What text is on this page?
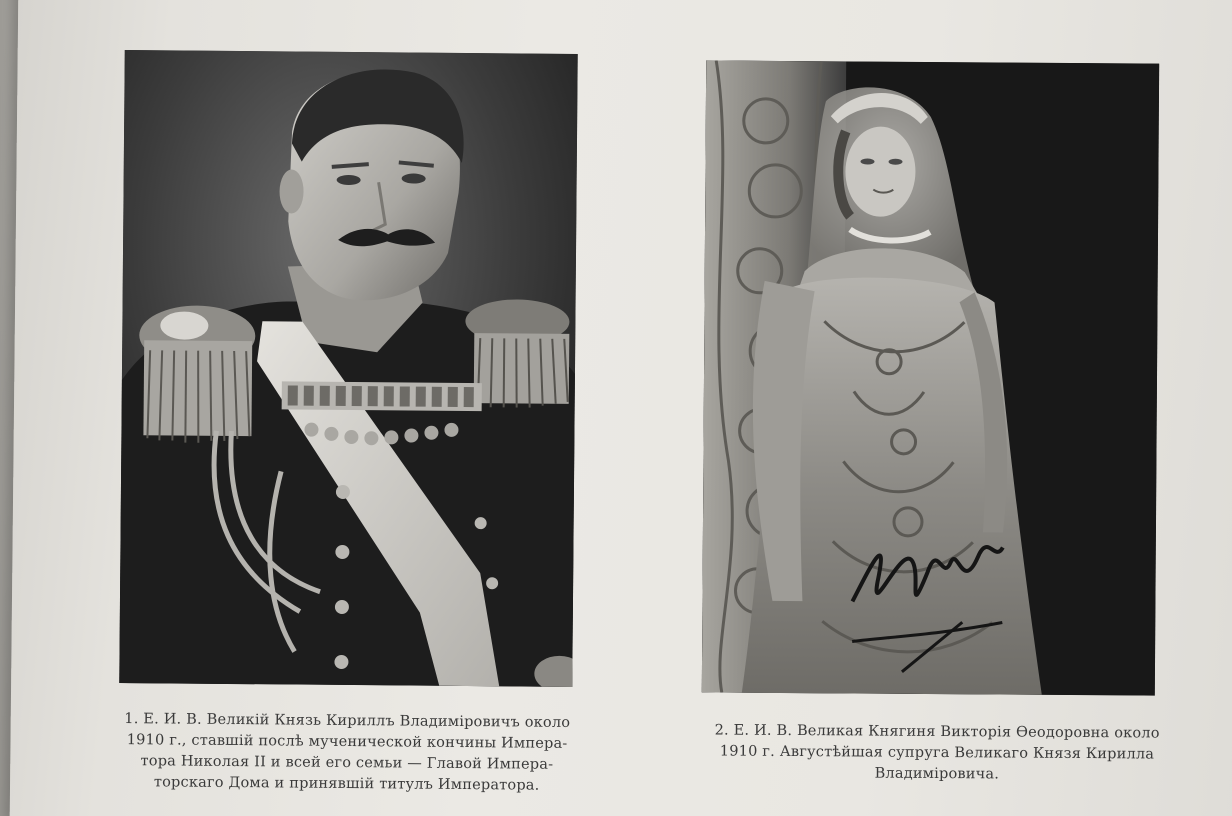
1. Е. И. В. Великій Князь Кириллъ Владиміровичъ около
1910 г., ставшій послѣ мученической кончины Импера-
тора Николая II и всей его семьи — Главой Импера-
торскаго Дома и принявшій титулъ Императора.
2. Е. И. В. Великая Княгиня Викторія Ѳеодоровна около
1910 г. Августѣйшая супруга Великаго Князя Кирилла
Владиміровича.
